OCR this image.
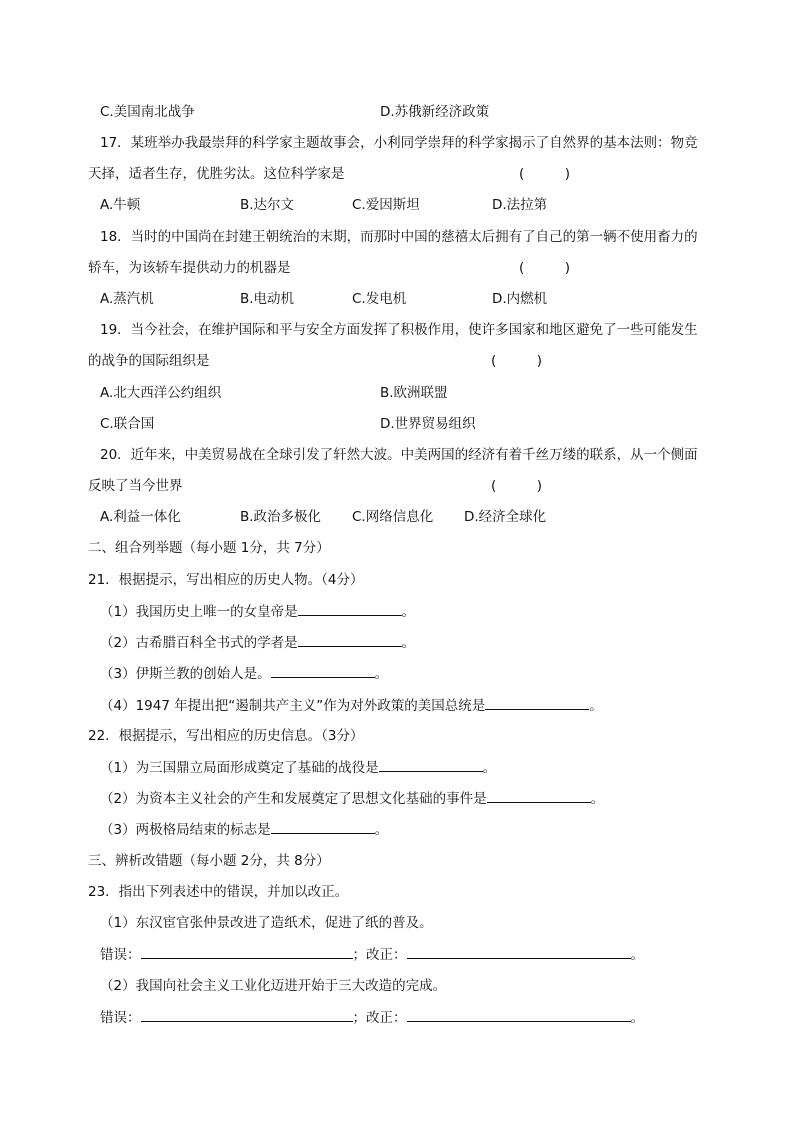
C.美国南北战争	D.苏俄新经济政策
17．某班举办我最崇拜的科学家主题故事会，小利同学崇拜的科学家揭示了自然界的基本法则：物竞
天择，适者生存，优胜劣汰。这位科学家是	(　　　)
A.牛顿	B.达尔文	C.爱因斯坦	D.法拉第
18．当时的中国尚在封建王朝统治的末期，而那时中国的慈禧太后拥有了自己的第一辆不使用畜力的
轿车，为该轿车提供动力的机器是	(　　　)
A.蒸汽机	B.电动机	C.发电机	D.内燃机
19．当今社会，在维护国际和平与安全方面发挥了积极作用，使许多国家和地区避免了一些可能发生
的战争的国际组织是	(　　　)
A.北大西洋公约组织	B.欧洲联盟
C.联合国	D.世界贸易组织
20．近年来，中美贸易战在全球引发了轩然大波。中美两国的经济有着千丝万缕的联系，从一个侧面
反映了当今世界	(　　　)
A.利益一体化	B.政治多极化 C.网络信息化 D.经济全球化
二、组合列举题（每小题 1分，共 7分）
21．根据提示，写出相应的历史人物。（4分）
（1）我国历史上唯一的女皇帝是	。
（2）古希腊百科全书式的学者是	。
（3）伊斯兰教的创始人是。	。
（4）1947 年提出把“遏制共产主义”作为对外政策的美国总统是	。
22．根据提示，写出相应的历史信息。（3分）
（1）为三国鼎立局面形成奠定了基础的战役是	。
（2）为资本主义社会的产生和发展奠定了思想文化基础的事件是	。
（3）两极格局结束的标志是	。
三、辨析改错题（每小题 2分，共 8分）
23．指出下列表述中的错误，并加以改正。
（1）东汉宦官张仲景改进了造纸术，促进了纸的普及。
错误：	；改正：	。
（2）我国向社会主义工业化迈进开始于三大改造的完成。
错误：	；改正：	。
